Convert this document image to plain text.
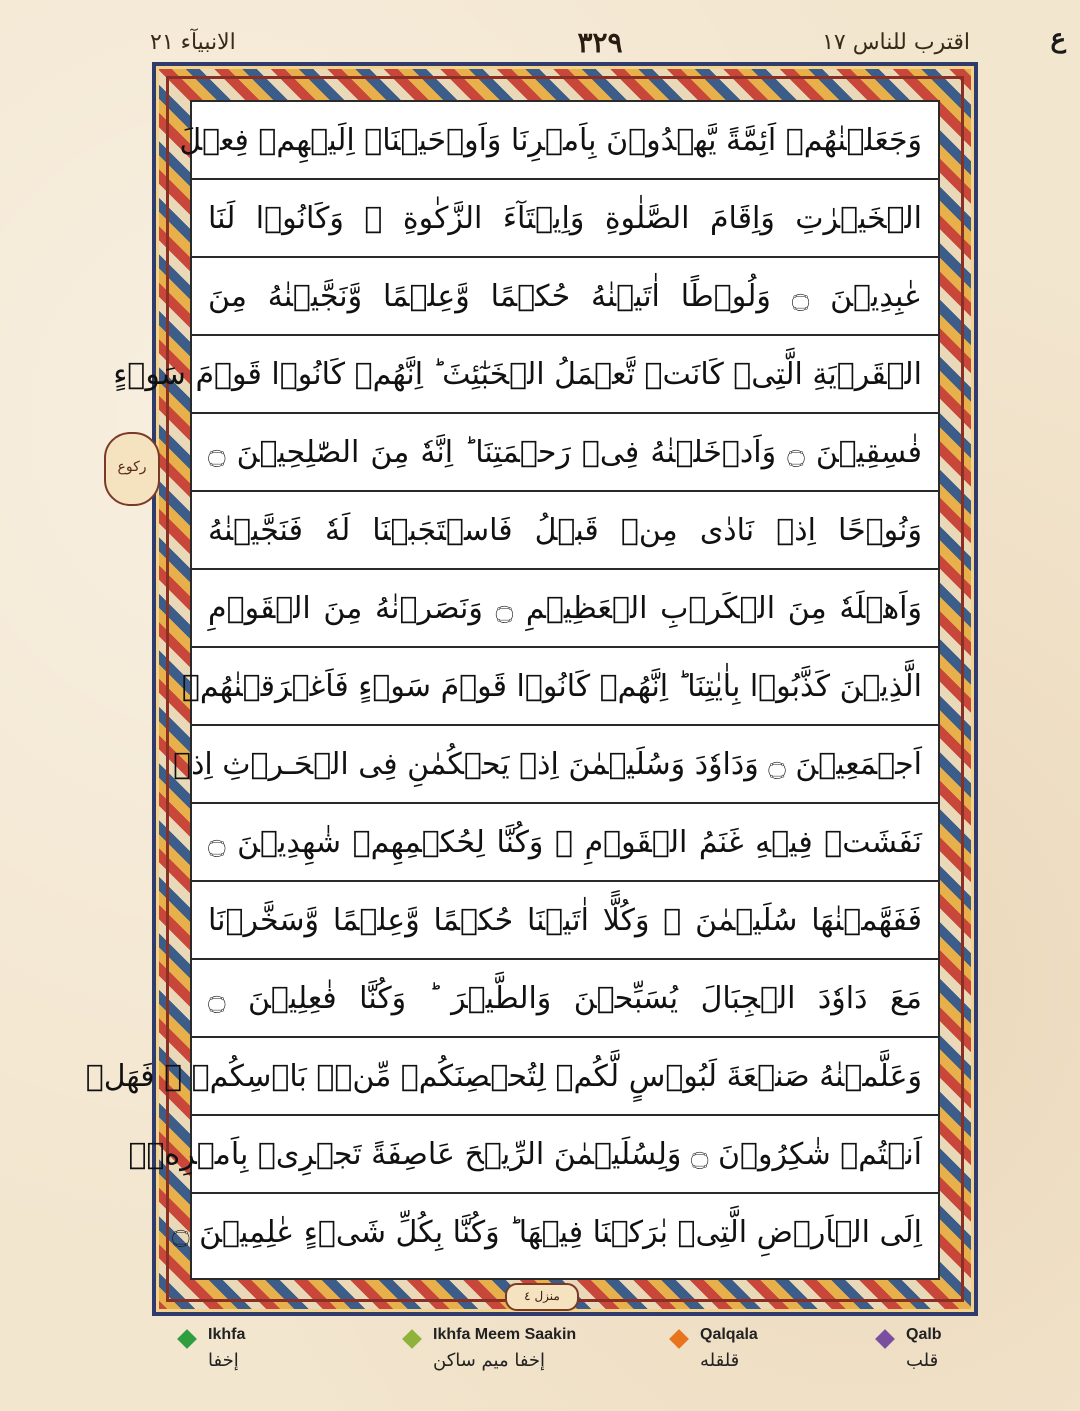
الانبیآء ٢١	٣٢٩	اقترب للناس ١٧	ع
رکوع
وَجَعَلۡنٰهُمۡ اَئِمَّةً يَّهۡدُوۡنَ بِاَمۡرِنَا وَاَوۡحَيۡنَاۤ اِلَيۡهِمۡ فِعۡلَ
الۡخَيۡرٰتِ وَاِقَامَ الصَّلٰوةِ وَاِيۡتَآءَ الزَّكٰوةِ ۚ وَكَانُوۡا لَنَا
عٰبِدِيۡنَ ۝ وَلُوۡطًا اٰتَيۡنٰهُ حُكۡمًا وَّعِلۡمًا وَّنَجَّيۡنٰهُ مِنَ
الۡقَرۡيَةِ الَّتِىۡ كَانَتۡ تَّعۡمَلُ الۡخَبٰٓئِثَ ؕ اِنَّهُمۡ كَانُوۡا قَوۡمَ سَوۡءٍ
فٰسِقِيۡنَ ۝ وَاَدۡخَلۡنٰهُ فِىۡ رَحۡمَتِنَا ؕ اِنَّهٗ مِنَ الصّٰلِحِيۡنَ ۝
وَنُوۡحًا اِذۡ نَادٰى مِنۡ قَبۡلُ فَاسۡتَجَبۡنَا لَهٗ فَنَجَّيۡنٰهُ
وَاَهۡلَهٗ مِنَ الۡكَرۡبِ الۡعَظِيۡمِ ۝ وَنَصَرۡنٰهُ مِنَ الۡقَوۡمِ
الَّذِيۡنَ كَذَّبُوۡا بِاٰيٰتِنَا ؕ اِنَّهُمۡ كَانُوۡا قَوۡمَ سَوۡءٍ فَاَغۡرَقۡنٰهُمۡ
اَجۡمَعِيۡنَ ۝ وَدَاوٗدَ وَسُلَيۡمٰنَ اِذۡ يَحۡكُمٰنِ فِى الۡحَـرۡثِ اِذۡ
نَفَشَتۡ فِيۡهِ غَنَمُ الۡقَوۡمِ ۚ وَكُنَّا لِحُكۡمِهِمۡ شٰهِدِيۡنَ ۝
فَفَهَّمۡنٰهَا سُلَيۡمٰنَ ۚ وَكُلًّا اٰتَيۡنَا حُكۡمًا وَّعِلۡمًا وَّسَخَّرۡنَا
مَعَ دَاوٗدَ الۡجِبَالَ يُسَبِّحۡنَ وَالطَّيۡرَ ؕ وَكُنَّا فٰعِلِيۡنَ ۝
وَعَلَّمۡنٰهُ صَنۡعَةَ لَبُوۡسٍ لَّكُمۡ لِتُحۡصِنَكُمۡ مِّنۡۢ بَاۡسِكُمۡ ۚ فَهَلۡ
اَنۡتُمۡ شٰكِرُوۡنَ ۝ وَلِسُلَيۡمٰنَ الرِّيۡحَ عَاصِفَةً تَجۡرِىۡ بِاَمۡرِهٖۤ
اِلَى الۡاَرۡضِ الَّتِىۡ بٰرَكۡنَا فِيۡهَا ؕ وَكُنَّا بِكُلِّ شَىۡءٍ عٰلِمِيۡنَ ۝
منزل ٤
Ikhfa
إخفا
Ikhfa Meem Saakin
إخفا میم ساکن
Qalqala
قلقله
Qalb
قلب
